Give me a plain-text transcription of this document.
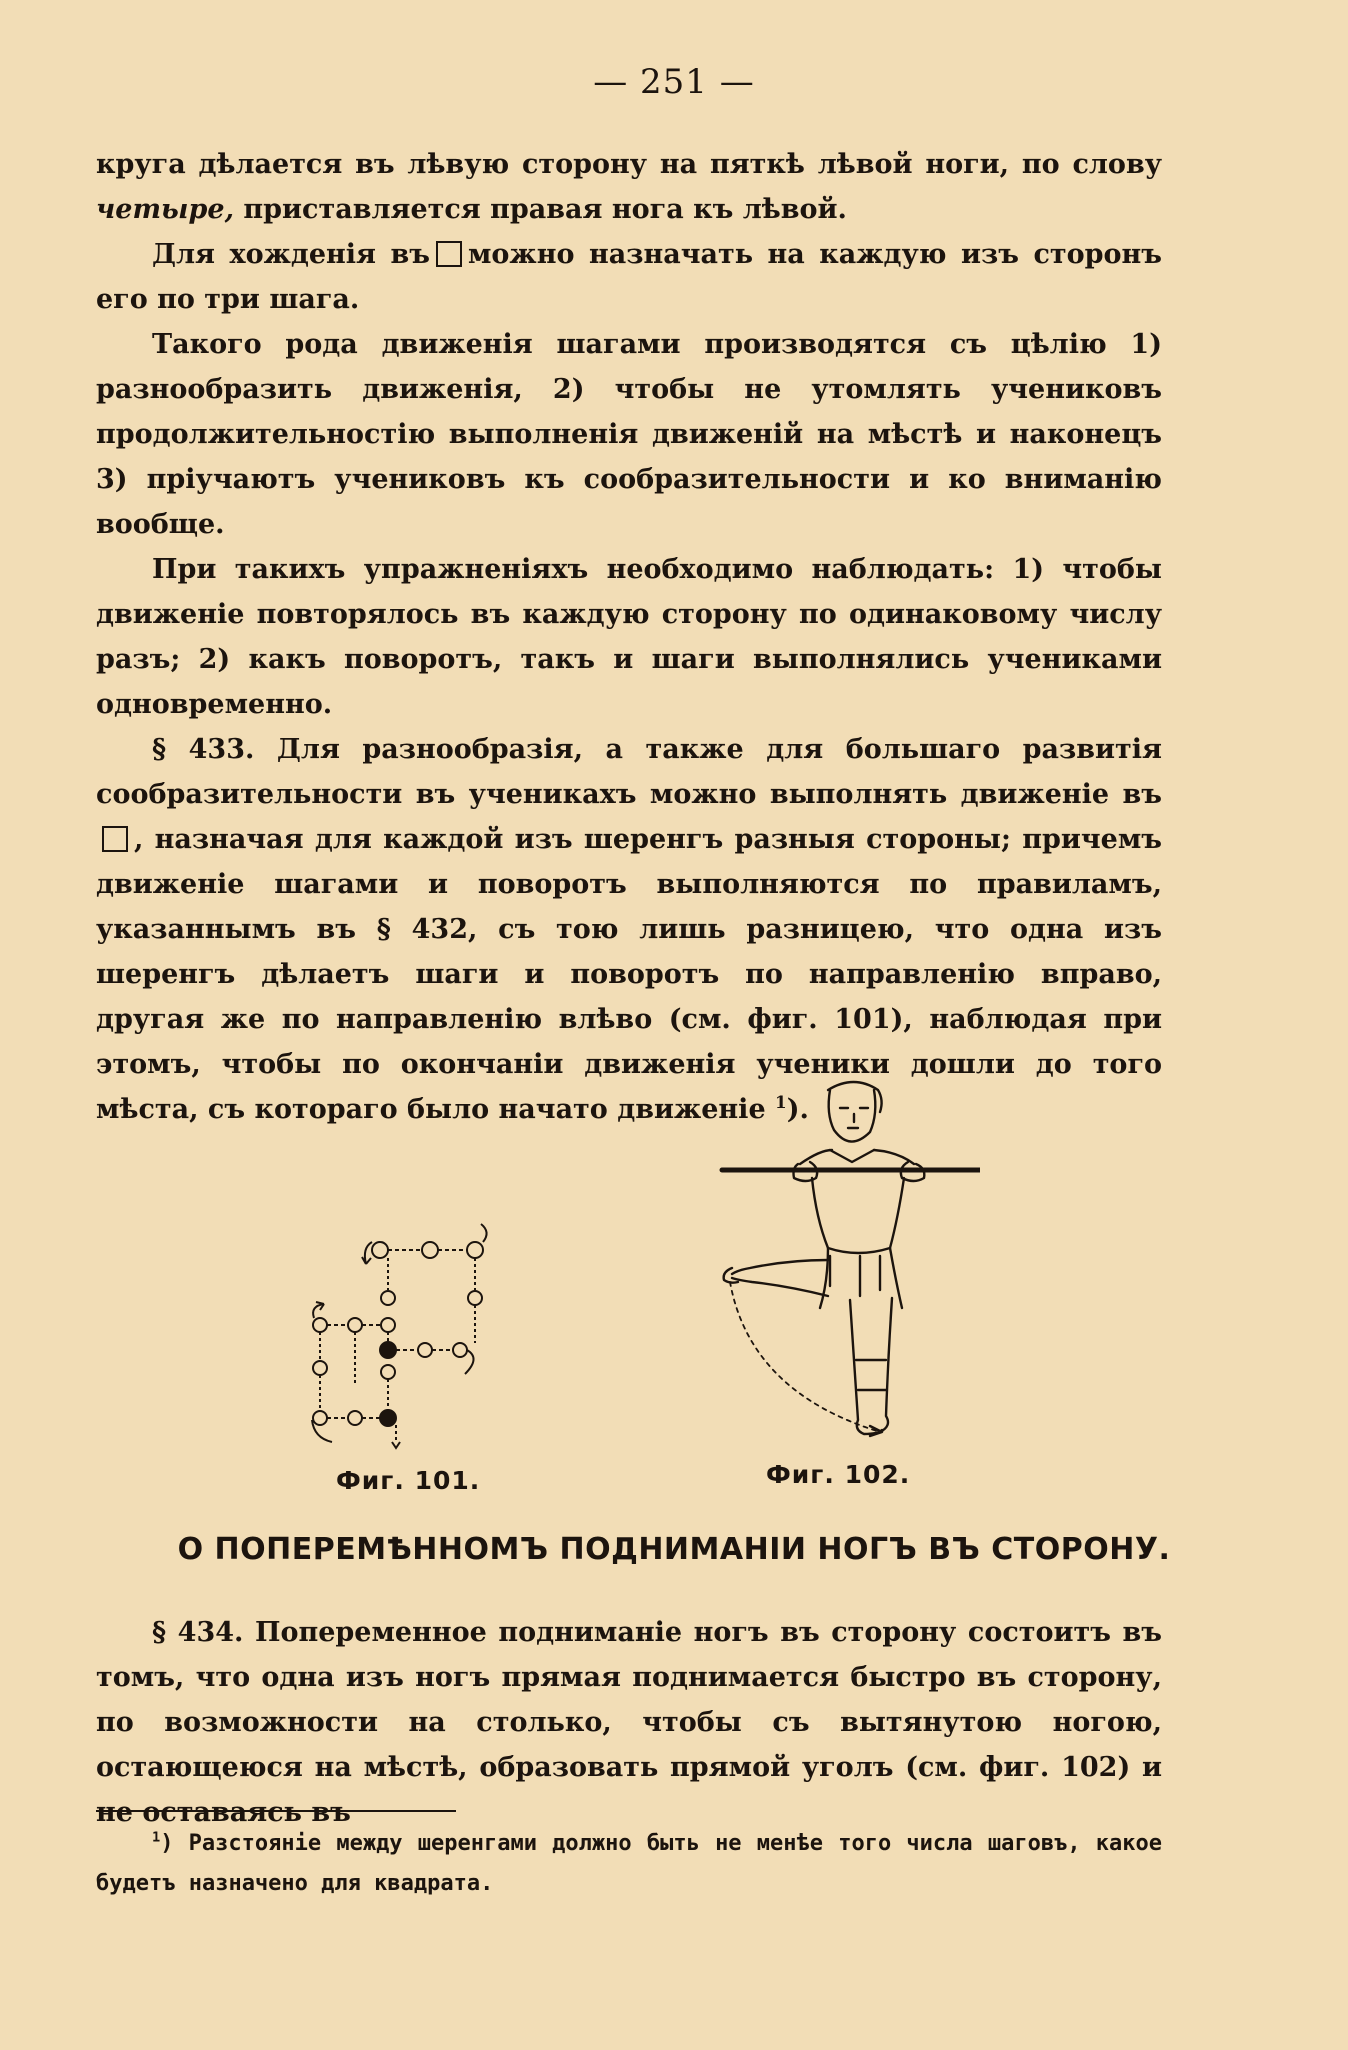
— 251 —

круга дѣлается въ лѣвую сторону на пяткѣ лѣвой ноги, по слову четыре, приставляется правая нога къ лѣвой.

Для хожденія въ можно назначать на каждую изъ сторонъ его по три шага.

Такого рода движенія шагами производятся съ цѣлію 1) разнообразить движенія, 2) чтобы не утомлять учениковъ продолжительностію выполненія движеній на мѣстѣ и наконецъ 3) пріучаютъ учениковъ къ сообразительности и ко вниманію вообще.

При такихъ упражненіяхъ необходимо наблюдать: 1) чтобы движеніе повторялось въ каждую сторону по одинаковому числу разъ; 2) какъ поворотъ, такъ и шаги выполнялись учениками одновременно.

§ 433. Для разнообразія, а также для большаго развитія сообразительности въ ученикахъ можно выполнять движеніе въ, назначая для каждой изъ шеренгъ разныя стороны; причемъ движеніе шагами и поворотъ выполняются по правиламъ, указаннымъ въ § 432, съ тою лишь разницею, что одна изъ шеренгъ дѣлаетъ шаги и поворотъ по направленію вправо, другая же по направленію влѣво (см. фиг. 101), наблюдая при этомъ, чтобы по окончаніи движенія ученики дошли до того мѣста, съ котораго было начато движеніе $^1$).

Фиг. 101.	Фиг. 102.
О ПОПЕРЕМѢННОМЪ ПОДНИМАНІИ НОГЪ ВЪ СТОРОНУ.

§ 434. Попеременное подниманіе ногъ въ сторону состоитъ въ томъ, что одна изъ ногъ прямая поднимается быстро въ сторону, по возможности на столько, чтобы съ вытянутою ногою, остающеюся на мѣстѣ, образовать прямой уголъ (см. фиг. 102) и не оставаясь въ

$^1$) Разстояніе между шеренгами должно быть не менѣе того числа шаговъ, какое будетъ назначено для квадрата.
